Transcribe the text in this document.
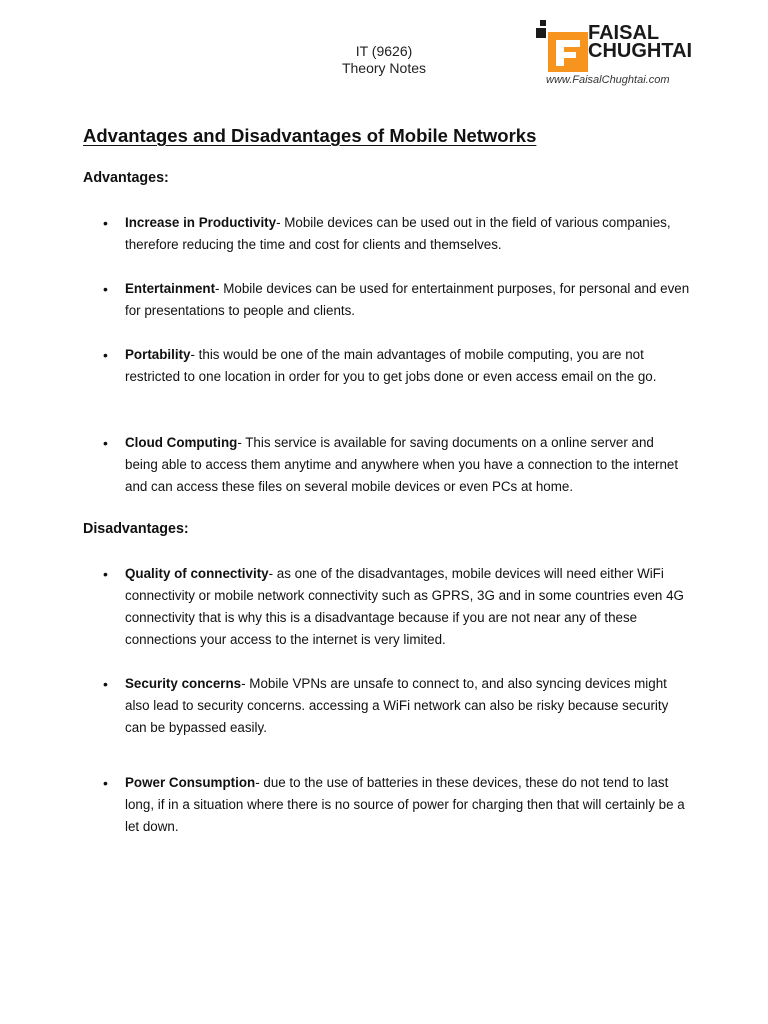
IT (9626)
Theory Notes
FAISAL
CHUGHTAI
www.FaisalChughtai.com
Advantages and Disadvantages of Mobile Networks
Advantages:
• Increase in Productivity- Mobile devices can be used out in the field of various companies, therefore reducing the time and cost for clients and themselves.
• Entertainment- Mobile devices can be used for entertainment purposes, for personal and even for presentations to people and clients.
• Portability- this would be one of the main advantages of mobile computing, you are not restricted to one location in order for you to get jobs done or even access email on the go.
• Cloud Computing- This service is available for saving documents on a online server and being able to access them anytime and anywhere when you have a connection to the internet and can access these files on several mobile devices or even PCs at home.
Disadvantages:
• Quality of connectivity- as one of the disadvantages, mobile devices will need either WiFi connectivity or mobile network connectivity such as GPRS, 3G and in some countries even 4G connectivity that is why this is a disadvantage because if you are not near any of these connections your access to the internet is very limited.
• Security concerns- Mobile VPNs are unsafe to connect to, and also syncing devices might also lead to security concerns. accessing a WiFi network can also be risky because security can be bypassed easily.
• Power Consumption- due to the use of batteries in these devices, these do not tend to last long, if in a situation where there is no source of power for charging then that will certainly be a let down.
